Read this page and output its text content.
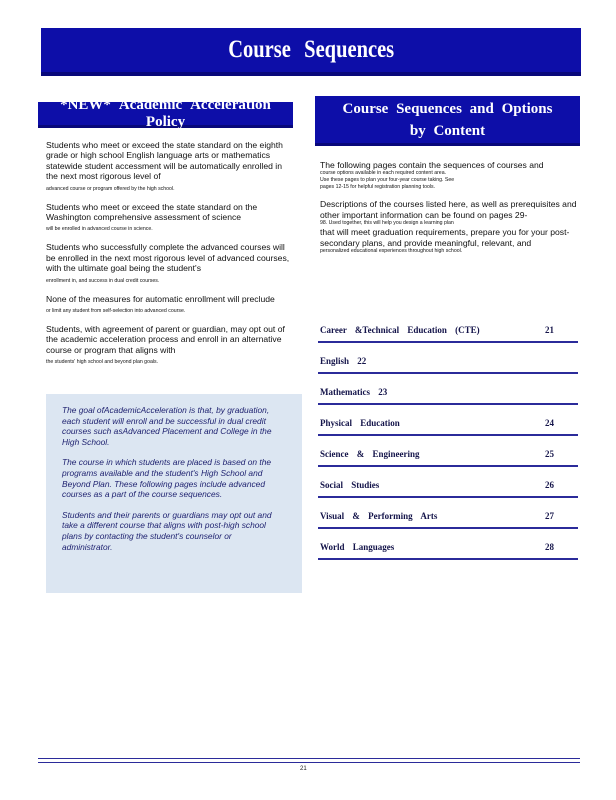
Course Sequences
*NEW* Academic Acceleration Policy

Students who meet or exceed the state standard on the eighth grade or high school English language arts or mathematics statewide student accessment will be automatically enrolled in the next most rigorous level of
advanced course or program offered by the high school.

Students who meet or exceed the state standard on the Washington comprehensive assessment of science
will be enrolled in advanced course in science.

Students who successfully complete the advanced courses will be enrolled in the next most rigorous level of advanced courses, with the ultimate goal being the student's
enrollment in, and success in dual credit courses.

None of the measures for automatic enrollment will preclude
or limit any student from self-selection into advanced course.

Students, with agreement of parent or guardian, may opt out of the academic acceleration process and enroll in an alternative course or program that aligns with
the students' high school and beyond plan goals.

The goal ofAcademicAcceleration is that, by graduation, each student will enroll and be successful in dual credit courses such asAdvanced Placement and College in the High School.

The course in which students are placed is based on the programs available and the student's High School and Beyond Plan. These following pages include advanced courses as a part of the course sequences.

Students and their parents or guardians may opt out and take a different course that aligns with post-high school plans by contacting the student's counselor or administrator.

Course Sequences and Options by Content

The following pages contain the sequences of courses and
course options available in each required content area.
Use these pages to plan your four-year course taking. See
pages 12-15 for helpful registration planning tools.

Descriptions of the courses listed here, as well as prerequisites and other important information can be found on pages 29-
98. Used together, this will help you design a learning plan
that will meet graduation requirements, prepare you for your post-secondary plans, and provide meaningful, relevant, and
personalized educational experiences throughout high school.

Career &Technical Education (CTE)	21
English 22
Mathematics 23
Physical Education	24
Science & Engineering	25
Social Studies	26
Visual & Performing Arts	27
World Languages	28
21
